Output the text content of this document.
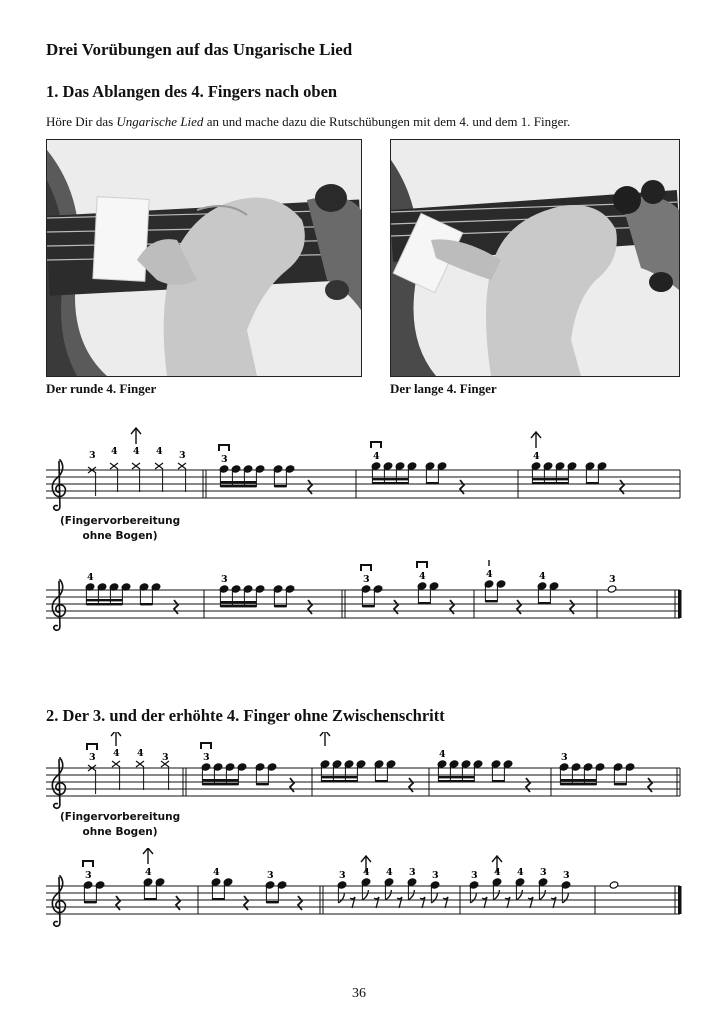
Drei Vorübungen auf das Ungarische Lied
1. Das Ablangen des 4. Fingers nach oben
Höre Dir das Ungarische Lied an und mache dazu die Rutschübungen mit dem 4. und dem 1. Finger.
Der runde 4. Finger	Der lange 4. Finger
3 4 4 4 3	3	4	4
(Fingervorbereitung
ohne Bogen)
4	3	3	4	4	4	3
2. Der 3. und der erhöhte 4. Finger ohne Zwischenschritt
3 4 4 3	3	4	3
(Fingervorbereitung
ohne Bogen)
3	4	4	3	3 4 4 3 3	3 4 4 3 3
36
